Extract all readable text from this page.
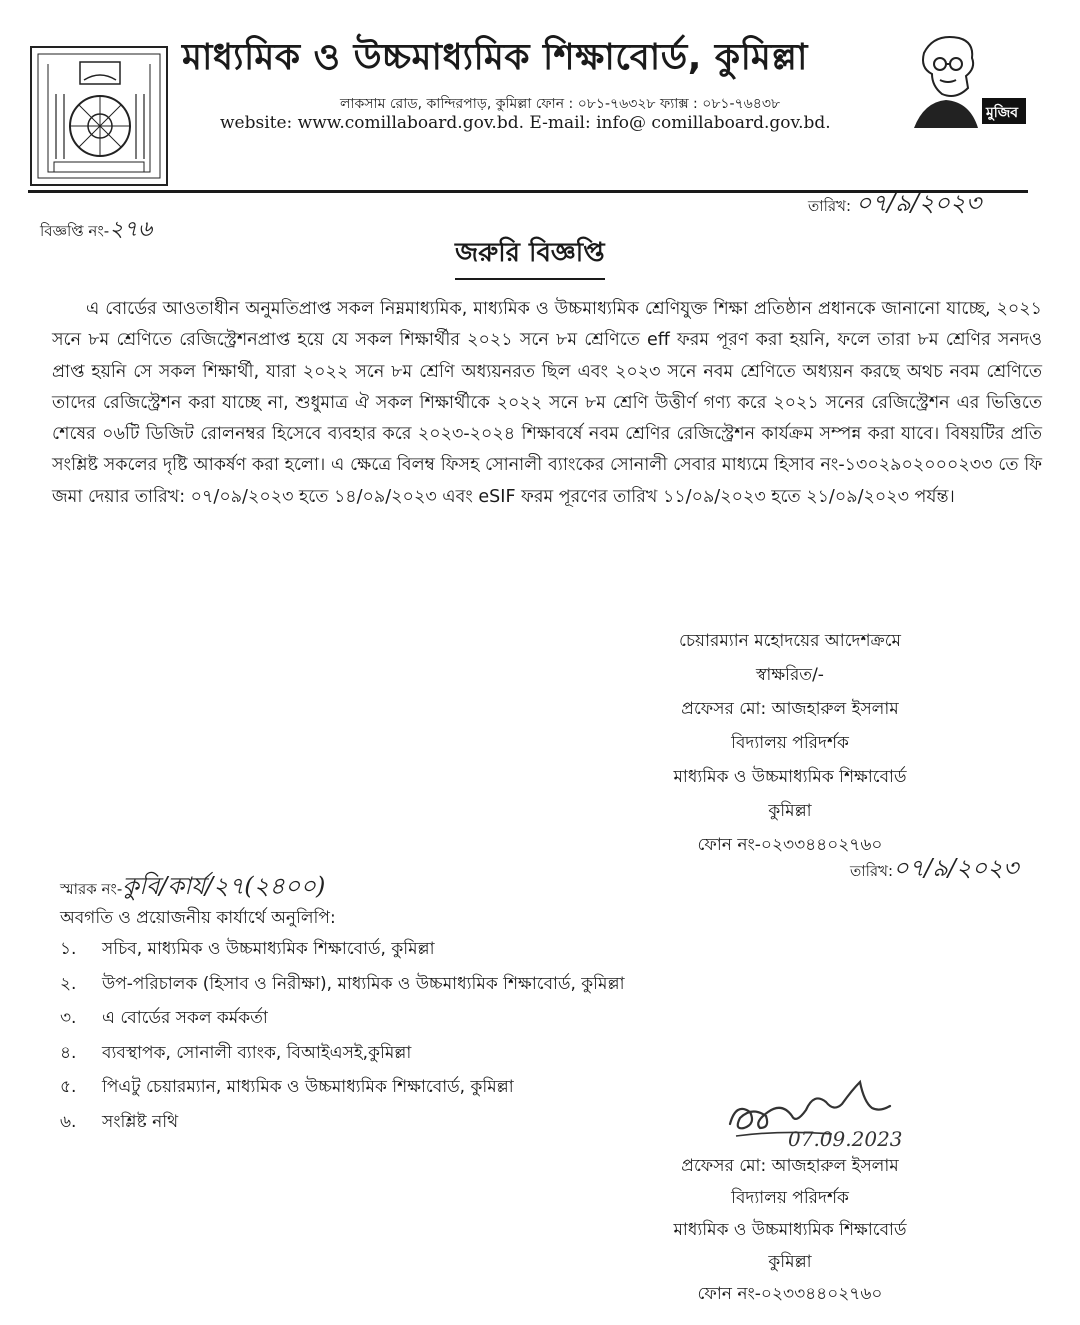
মাধ্যমিক ও উচ্চমাধ্যমিক শিক্ষাবোর্ড, কুমিল্লা
লাকসাম রোড, কান্দিরপাড়, কুমিল্লা ফোন : ০৮১-৭৬৩২৮ ফ্যাক্স : ০৮১-৭৬৪৩৮
website: www.comillaboard.gov.bd. E-mail: info@ comillaboard.gov.bd.	মুজিব
বিজ্ঞপ্তি নং-২৭৬
তারিখ: ০৭/৯/২০২৩
জরুরি বিজ্ঞপ্তি
এ বোর্ডের আওতাধীন অনুমতিপ্রাপ্ত সকল নিম্নমাধ্যমিক, মাধ্যমিক ও উচ্চমাধ্যমিক শ্রেণিযুক্ত শিক্ষা প্রতিষ্ঠান প্রধানকে জানানো যাচ্ছে, ২০২১ সনে ৮ম শ্রেণিতে রেজিস্ট্রেশনপ্রাপ্ত হয়ে যে সকল শিক্ষার্থীর ২০২১ সনে ৮ম শ্রেণিতে eff ফরম পূরণ করা হয়নি, ফলে তারা ৮ম শ্রেণির সনদও প্রাপ্ত হয়নি সে সকল শিক্ষার্থী, যারা ২০২২ সনে ৮ম শ্রেণি অধ্যয়নরত ছিল এবং ২০২৩ সনে নবম শ্রেণিতে অধ্যয়ন করছে অথচ নবম শ্রেণিতে তাদের রেজিস্ট্রেশন করা যাচ্ছে না, শুধুমাত্র ঐ সকল শিক্ষার্থীকে ২০২২ সনে ৮ম শ্রেণি উত্তীর্ণ গণ্য করে ২০২১ সনের রেজিস্ট্রেশন এর ভিত্তিতে শেষের ০৬টি ডিজিট রোলনম্বর হিসেবে ব্যবহার করে ২০২৩-২০২৪ শিক্ষাবর্ষে নবম শ্রেণির রেজিস্ট্রেশন কার্যক্রম সম্পন্ন করা যাবে। বিষয়টির প্রতি সংশ্লিষ্ট সকলের দৃষ্টি আকর্ষণ করা হলো। এ ক্ষেত্রে বিলম্ব ফিসহ সোনালী ব্যাংকের সোনালী সেবার মাধ্যমে হিসাব নং-১৩০২৯০২০০০২৩৩ তে ফি জমা দেয়ার তারিখ: ০৭/০৯/২০২৩ হতে ১৪/০৯/২০২৩ এবং eSIF ফরম পূরণের তারিখ ১১/০৯/২০২৩ হতে ২১/০৯/২০২৩ পর্যন্ত।
চেয়ারম্যান মহোদয়ের আদেশক্রমে
স্বাক্ষরিত/-
প্রফেসর মো: আজহারুল ইসলাম
বিদ্যালয় পরিদর্শক
মাধ্যমিক ও উচ্চমাধ্যমিক শিক্ষাবোর্ড
কুমিল্লা
ফোন নং-০২৩৩৪৪০২৭৬০
স্মারক নং-কুবি/কার্য/২৭(২৪০০)
তারিখ:০৭/৯/২০২৩
অবগতি ও প্রয়োজনীয় কার্যার্থে অনুলিপি:
১. সচিব, মাধ্যমিক ও উচ্চমাধ্যমিক শিক্ষাবোর্ড, কুমিল্লা
২. উপ-পরিচালক (হিসাব ও নিরীক্ষা), মাধ্যমিক ও উচ্চমাধ্যমিক শিক্ষাবোর্ড, কুমিল্লা
৩. এ বোর্ডের সকল কর্মকর্তা
৪. ব্যবস্থাপক, সোনালী ব্যাংক, বিআইএসই,কুমিল্লা
৫. পিএটু চেয়ারম্যান, মাধ্যমিক ও উচ্চমাধ্যমিক শিক্ষাবোর্ড, কুমিল্লা
৬. সংশ্লিষ্ট নথি
07.09.2023
প্রফেসর মো: আজহারুল ইসলাম
বিদ্যালয় পরিদর্শক
মাধ্যমিক ও উচ্চমাধ্যমিক শিক্ষাবোর্ড
কুমিল্লা
ফোন নং-০২৩৩৪৪০২৭৬০
